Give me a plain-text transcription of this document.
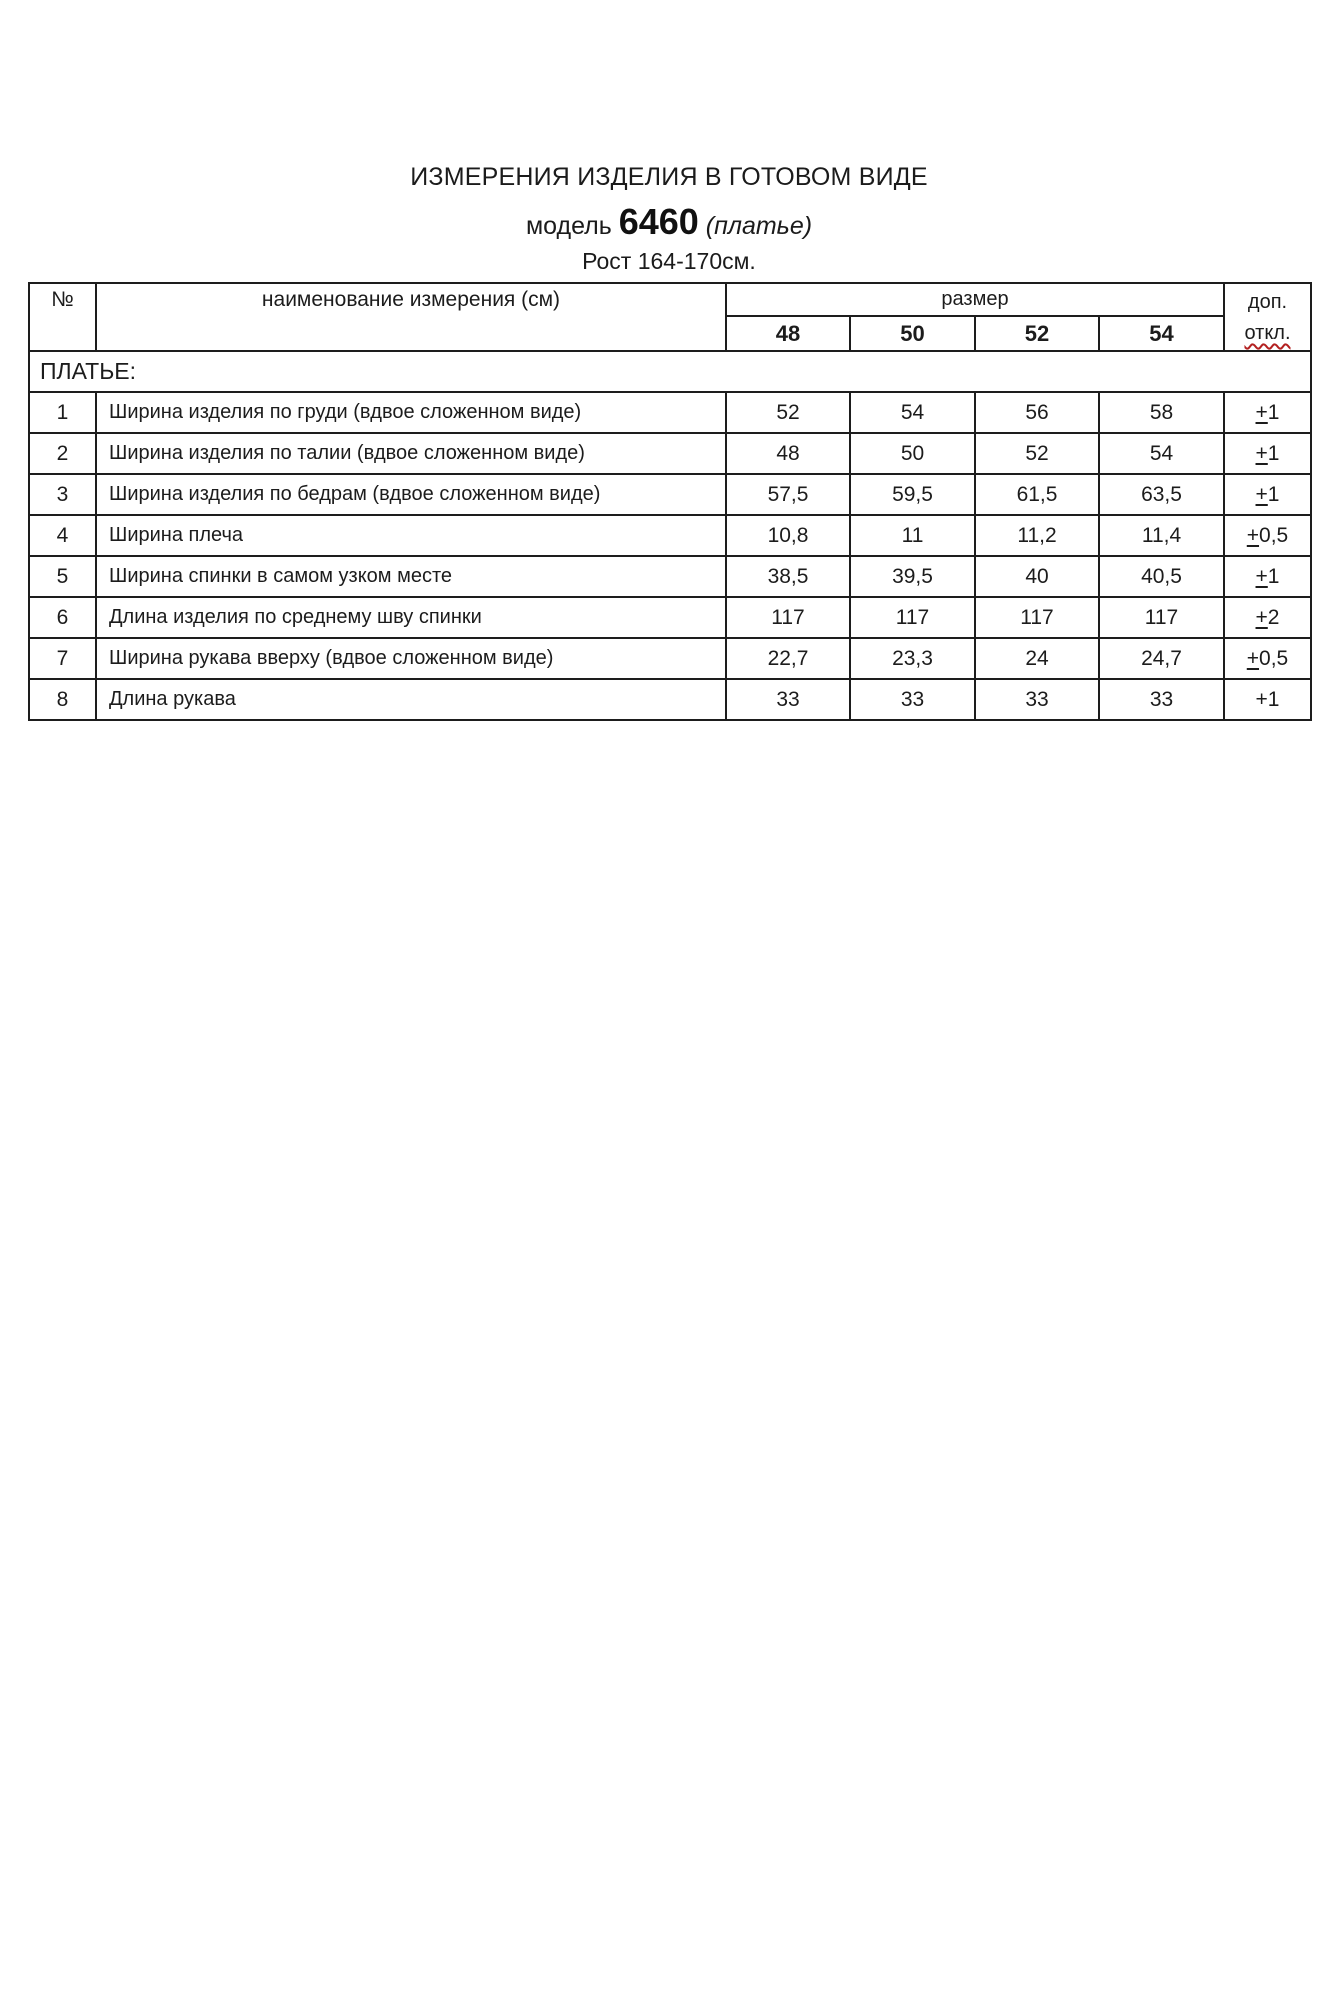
ИЗМЕРЕНИЯ ИЗДЕЛИЯ В ГОТОВОМ ВИДЕ
модель 6460 (платье)
Рост 164-170см.
№	наименование измерения (см)	размер				доп.
откл.

		48	50	52	54	
ПЛАТЬЕ:						
1	Ширина изделия по груди (вдвое сложенном виде)	52	54	56	58	+1
2	Ширина изделия по талии (вдвое сложенном виде)	48	50	52	54	+1
3	Ширина изделия по бедрам (вдвое сложенном виде)	57,5	59,5	61,5	63,5	+1
4	Ширина плеча	10,8	11	11,2	11,4	+0,5
5	Ширина спинки в самом узком месте	38,5	39,5	40	40,5	+1
6	Длина изделия по среднему шву спинки	117	117	117	117	+2
7	Ширина рукава вверху (вдвое сложенном виде)	22,7	23,3	24	24,7	+0,5
8	Длина рукава	33	33	33	33	+1
